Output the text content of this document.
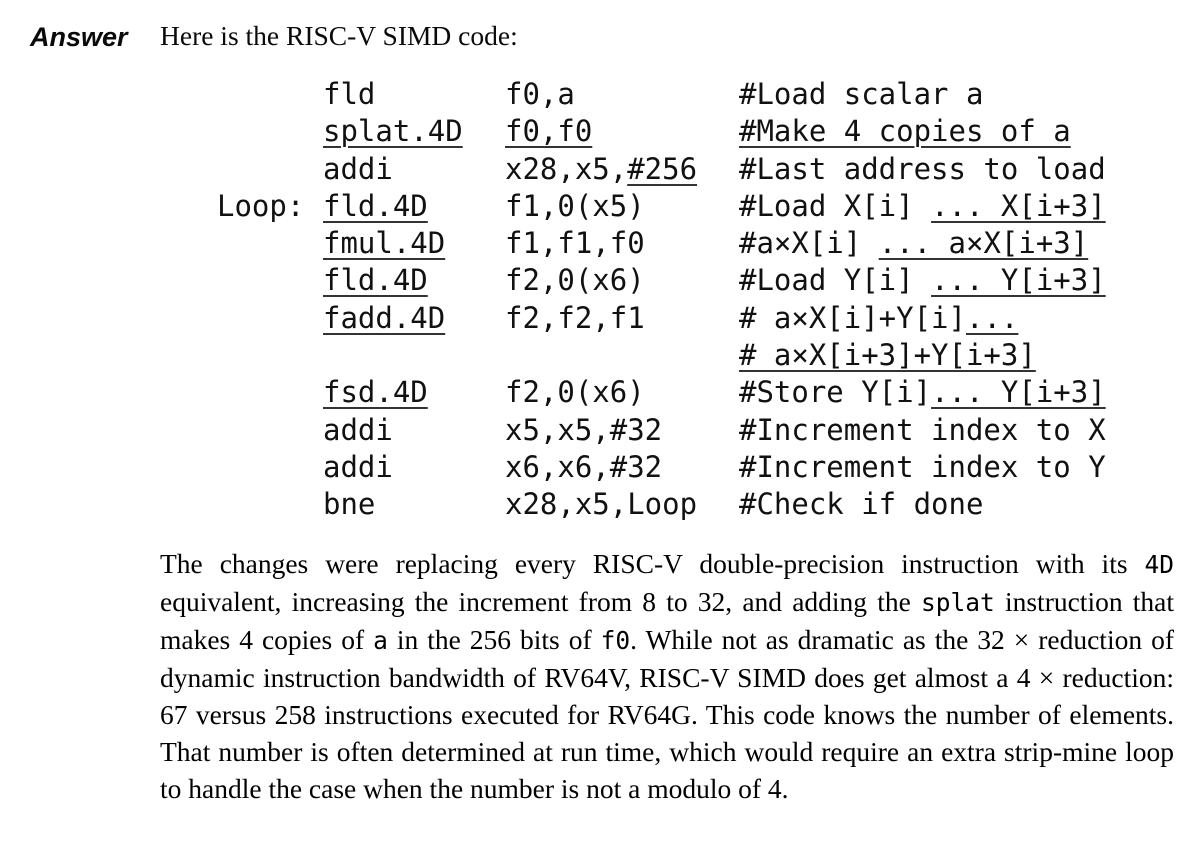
Answer Here is the RISC-V SIMD code:
fld	f0,a	#Load scalar a
splat.4D	f0,f0	#Make 4 copies of a
addi	x28,x5,#256	#Last address to load
Loop: fld.4D	f1,0(x5)	#Load X[i] ... X[i+3]
fmul.4D	f1,f1,f0	#a×X[i] ... a×X[i+3]
fld.4D	f2,0(x6)	#Load Y[i] ... Y[i+3]
fadd.4D	f2,f2,f1	# a×X[i]+Y[i]...
# a×X[i+3]+Y[i+3]
fsd.4D	f2,0(x6)	#Store Y[i]... Y[i+3]
addi	x5,x5,#32	#Increment index to X
addi	x6,x6,#32	#Increment index to Y
bne	x28,x5,Loop	#Check if done

The changes were replacing every RISC-V double-precision instruction with its 4D equivalent, increasing the increment from 8 to 32, and adding the splat instruction that makes 4 copies of a in the 256 bits of f0. While not as dramatic as the 32 × reduction of dynamic instruction bandwidth of RV64V, RISC-V SIMD does get almost a 4 × reduction: 67 versus 258 instructions executed for RV64G. This code knows the number of elements. That number is often determined at run time, which would require an extra strip-mine loop to handle the case when the number is not a modulo of 4.
